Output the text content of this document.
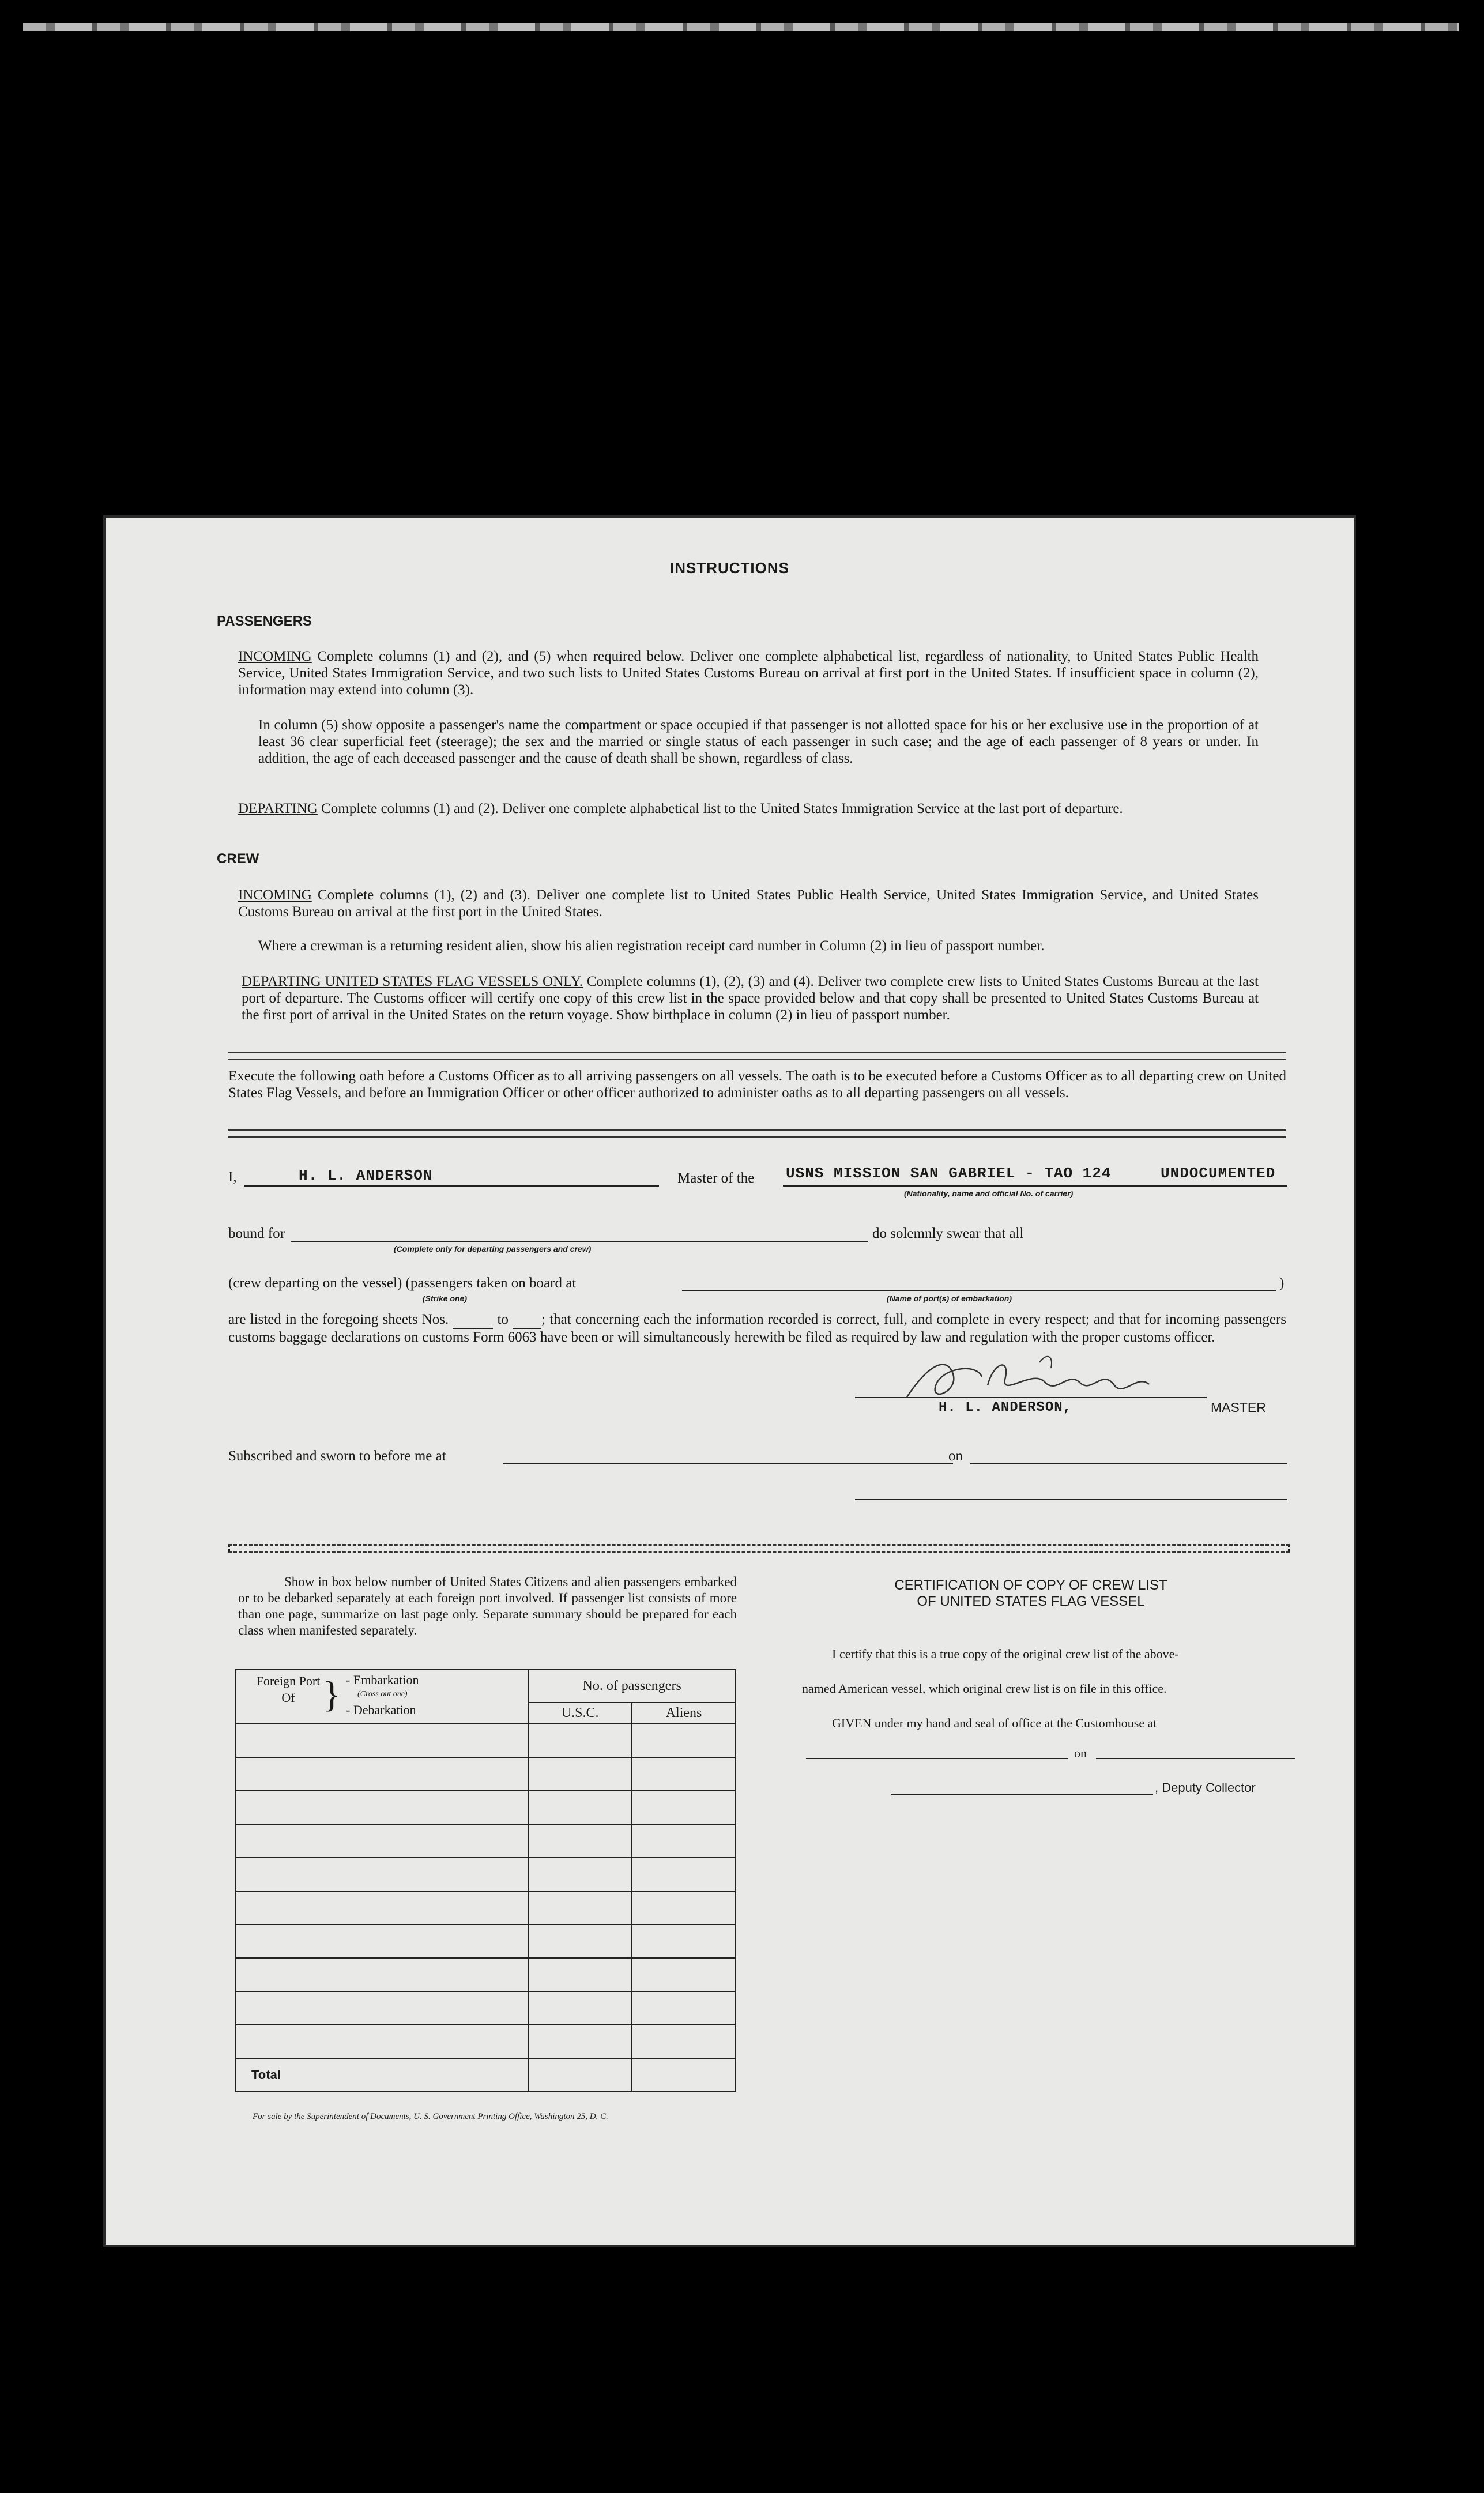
INSTRUCTIONS
PASSENGERS
INCOMING Complete columns (1) and (2), and (5) when required below. Deliver one complete alphabetical list, regardless of nationality, to United States Public Health Service, United States Immigration Service, and two such lists to United States Customs Bureau on arrival at first port in the United States. If insufficient space in column (2), information may extend into column (3).
In column (5) show opposite a passenger's name the compartment or space occupied if that passenger is not allotted space for his or her exclusive use in the proportion of at least 36 clear superficial feet (steerage); the sex and the married or single status of each passenger in such case; and the age of each passenger of 8 years or under. In addition, the age of each deceased passenger and the cause of death shall be shown, regardless of class.
DEPARTING Complete columns (1) and (2). Deliver one complete alphabetical list to the United States Immigration Service at the last port of departure.
CREW
INCOMING Complete columns (1), (2) and (3). Deliver one complete list to United States Public Health Service, United States Immigration Service, and United States Customs Bureau on arrival at the first port in the United States.
Where a crewman is a returning resident alien, show his alien registration receipt card number in Column (2) in lieu of passport number.
DEPARTING UNITED STATES FLAG VESSELS ONLY. Complete columns (1), (2), (3) and (4). Deliver two complete crew lists to United States Customs Bureau at the last port of departure. The Customs officer will certify one copy of this crew list in the space provided below and that copy shall be presented to United States Customs Bureau at the first port of arrival in the United States on the return voyage. Show birthplace in column (2) in lieu of passport number.
Execute the following oath before a Customs Officer as to all arriving passengers on all vessels. The oath is to be executed before a Customs Officer as to all departing crew on United States Flag Vessels, and before an Immigration Officer or other officer authorized to administer oaths as to all departing passengers on all vessels.
I,	H. L. ANDERSON	Master of the USNS MISSION SAN GABRIEL - TAO 124	UNDOCUMENTED
(Nationality, name and official No. of carrier)
bound for
(Complete only for departing passengers and crew)
do solemnly swear that all
(crew departing on the vessel) (passengers taken on board at	)
(Strike one)	(Name of port(s) of embarkation)
are listed in the foregoing sheets Nos.	to ; that concerning each the information recorded is correct, full, and complete in every respect; and that for incoming passengers customs baggage declarations on customs Form 6063 have been or will simultaneously herewith be filed as required by law and regulation with the proper customs officer.
H. L. ANDERSON,	MASTER
Subscribed and sworn to before me at	on
Show in box below number of United States Citizens and alien passengers embarked or to be debarked separately at each foreign port involved. If passenger list consists of more than one page, summarize on last page only. Separate summary should be prepared for each class when manifested separately.
Foreign Port Of } - Embarkation
(Cross out one)
- Debarkation	No. of passengers	
	U.S.C.	Aliens

Total		
For sale by the Superintendent of Documents, U. S. Government Printing Office, Washington 25, D. C.
CERTIFICATION OF COPY OF CREW LIST
OF UNITED STATES FLAG VESSEL
I certify that this is a true copy of the original crew list of the above-
named American vessel, which original crew list is on file in this office.
GIVEN under my hand and seal of office at the Customhouse at
on
, Deputy Collector
